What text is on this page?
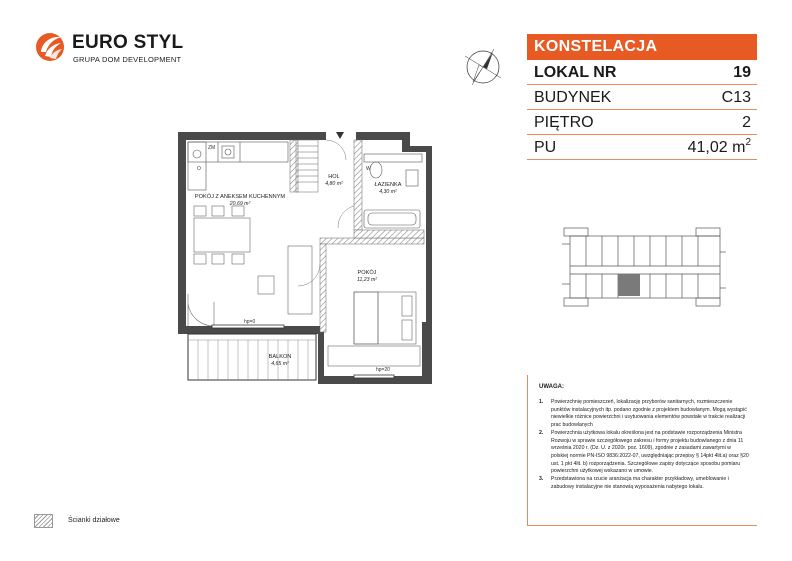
EURO STYL
GRUPA DOM DEVELOPMENT
ZM
O	W
HOL
4,80 m²	ŁAZIENKA
4,30 m²
POKÓJ Z ANEKSEM KUCHENNYM
20,69 m²
POKÓJ
11,23 m²
BALKON
4,65 m²
hp=0
hp=20
KONSTELACJA
LOKAL NR	19
BUDYNEK	C13
PIĘTRO	2
PU	41,02 $m^2$
UWAGA:
1. Powierzchnię pomieszczeń, lokalizację przyborów sanitarnych, rozmieszczenie punktów instalacyjnych itp. podano zgodnie z projektem budowlanym. Mogą wystąpić niewielkie różnice powierzchni i usytuowania elementów powstałe w trakcie realizacji prac budowlanych
2. Powierzchnia użytkowa lokalu określona jest na podstawie rozporządzenia Ministra Rozwoju w sprawie szczegółowego zakresu i formy projektu budowlanego z dnia 11 września 2020 r. (Dz. U. z 2020r. poz. 1609), zgodnie z zasadami zawartymi w polskiej normie PN-ISO 9836:2022-07, uwzględniając przepisy § 14pkt 4lit.a) oraz §20 ust. 1 pkt 4lit. b) rozporządzenia. Szczegółowe zapisy dotyczące sposobu pomiaru powierzchni użytkowej wskazano w umowie.
3. Przedstawiona na rzucie aranżacja ma charakter przykładowy, umeblowanie i zabudowy instalacyjne nie stanowią wyposażenia nabytego lokalu.
Ścianki działowe
